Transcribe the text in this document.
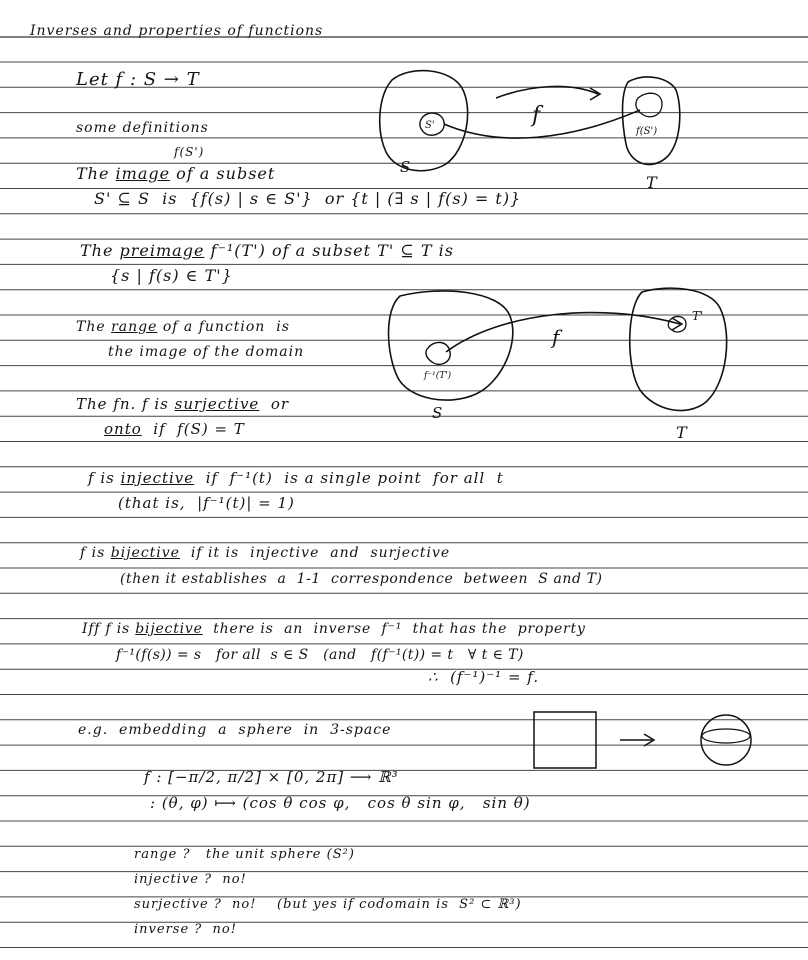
Inverses and properties of functions

Let f : S → T

some definitions

f(S')

The image of a subset

S' ⊆ S  is  {f(s) | s ∈ S'}  or {t | (∃ s | f(s) = t)}

The preimage f⁻¹(T') of a subset T' ⊆ T is

{s | f(s) ∈ T'}

The range of a function  is

the image of the domain

The fn. f is surjective  or

onto  if  f(S) = T

f is injective  if  f⁻¹(t)  is a single point  for all  t

(that is,  |f⁻¹(t)| = 1)

f is bijective  if it is  injective  and  surjective

(then it establishes  a  1-1  correspondence  between  S and T)

Iff f is bijective  there is  an  inverse  f⁻¹  that has the  property

f⁻¹(f(s)) = s   for all  s ∈ S   (and   f(f⁻¹(t)) = t   ∀ t ∈ T)

∴  (f⁻¹)⁻¹ = f.

e.g.  embedding  a  sphere  in  3-space

f : [−π/2, π/2] × [0, 2π] ⟶ ℝ³

: (θ, φ) ⟼ (cos θ cos φ,   cos θ sin φ,   sin θ)

range ?   the unit sphere (S²)

injective ?  no!

surjective ?  no!    (but yes if codomain is  S² ⊂ ℝ³)

inverse ?  no!

S'
f(S')
f
S
T
f⁻¹(T')
T'
f
S
T
